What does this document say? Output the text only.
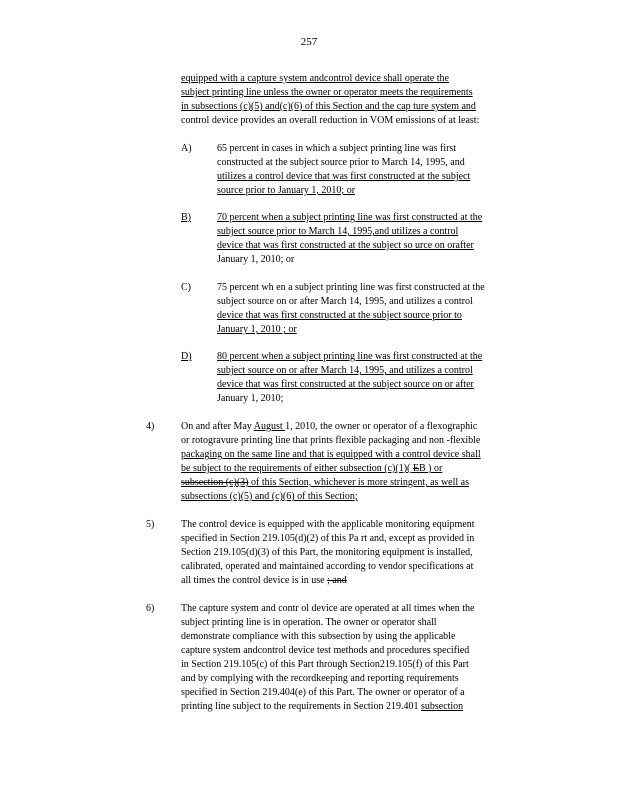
257
equipped with a capture system andcontrol device shall operate the
subject printing line unless the owner or operator meets the requirements
in subsections (c)(5) and(c)(6) of this Section and the cap ture system and
control device provides an overall reduction in VOM emissions of at least:
A)	65 percent in cases in which a subject printing line was first
constructed at the subject source prior to March 14, 1995, and
utilizes a control device that was first constructed at the subject
source prior to January 1, 2010; or
B)	70 percent when a subject printing line was first constructed at the
subject source prior to March 14, 1995,and utilizes a control
device that was first constructed at the subject so urce on orafter
January 1, 2010; or
C)	75 percent wh en a subject printing line was first constructed at the
subject source on or after March 14, 1995, and utilizes a control
device that was first constructed at the subject source prior to
January 1, 2010 ; or
D)	80 percent when a subject printing line was first constructed at the
subject source on or after March 14, 1995, and utilizes a control
device that was first constructed at the subject source on or after
January 1, 2010;
4)	On and after May August 1, 2010, the owner or operator of a flexographic
or rotogravure printing line that prints flexible packaging and non -flexible
packaging on the same line and that is equipped with a control device shall
be subject to the requirements of either subsection (c)(1)( EB ) or
subsection (c)(3) of this Section, whichever is more stringent, as well as
subsections (c)(5) and (c)(6) of this Section;
5)	The control device is equipped with the applicable monitoring equipment
specified in Section 219.105(d)(2) of this Pa rt and, except as provided in
Section 219.105(d)(3) of this Part, the monitoring equipment is installed,
calibrated, operated and maintained according to vendor specifications at
all times the control device is in use ; and
6)	The capture system and contr ol device are operated at all times when the
subject printing line is in operation. The owner or operator shall
demonstrate compliance with this subsection by using the applicable
capture system andcontrol device test methods and procedures specified
in Section 219.105(c) of this Part through Section219.105(f) of this Part
and by complying with the recordkeeping and reporting requirements
specified in Section 219.404(e) of this Part. The owner or operator of a
printing line subject to the requirements in Section 219.401 subsection
